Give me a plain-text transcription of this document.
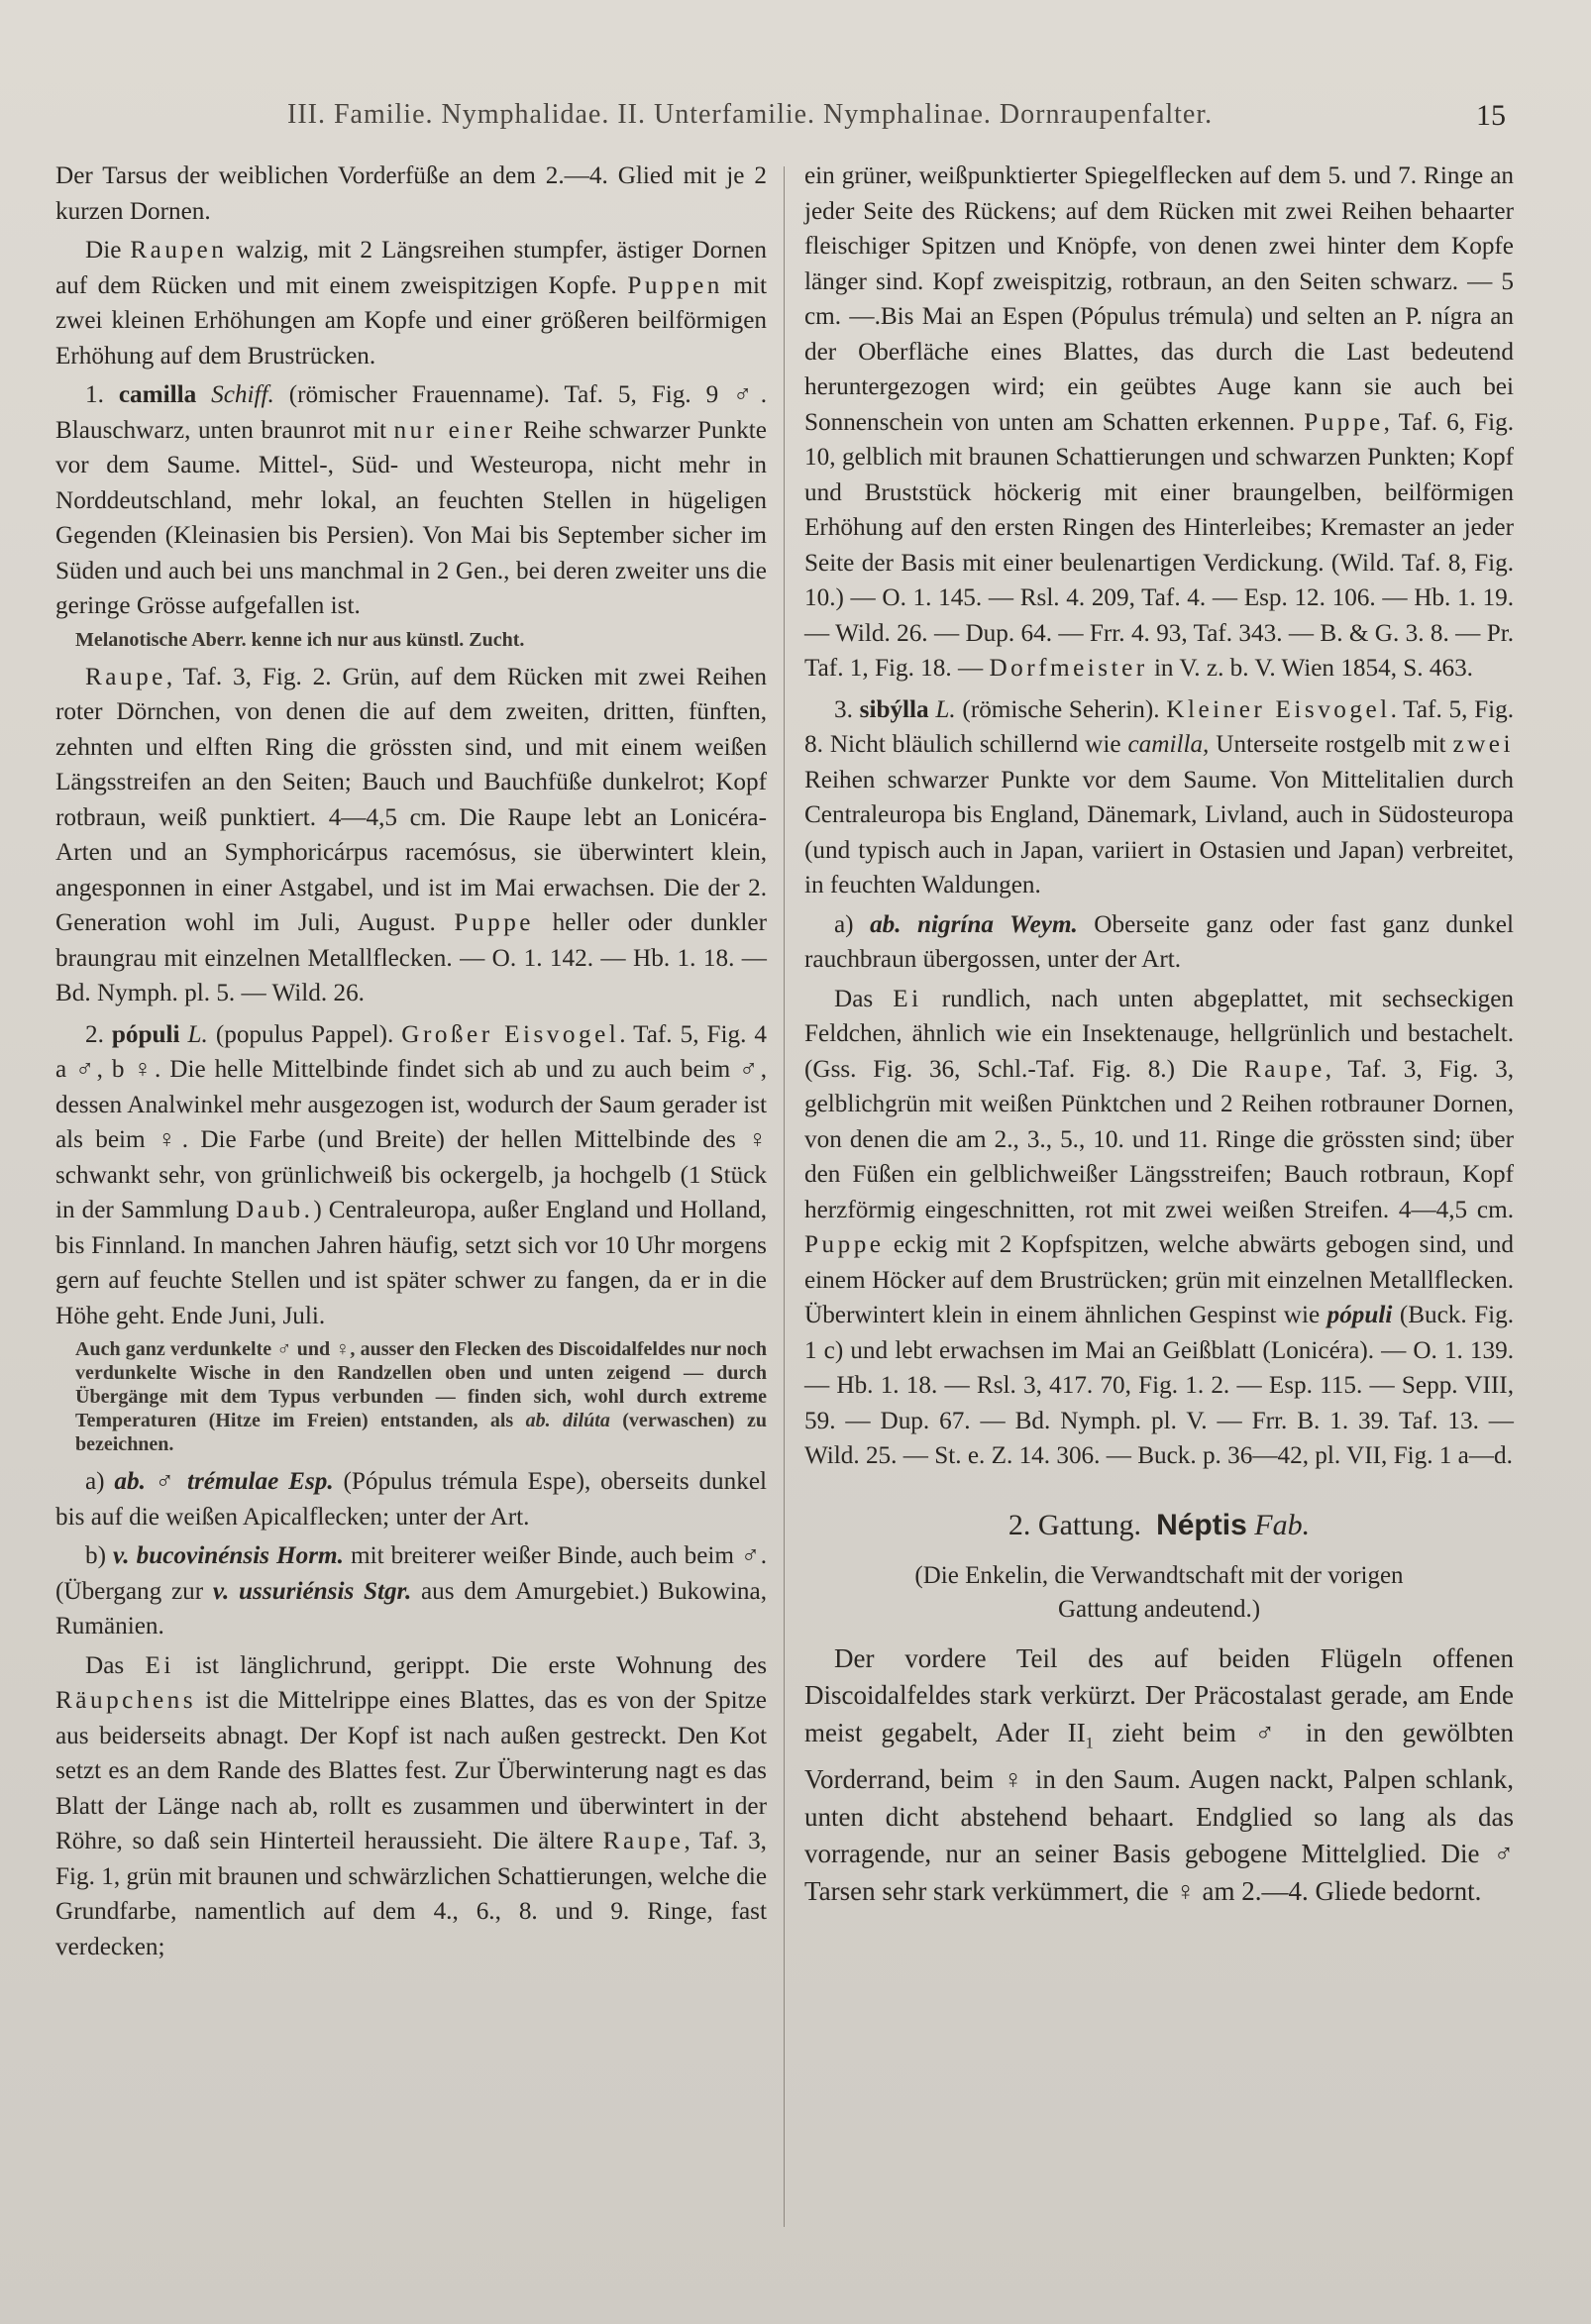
III. Familie. Nymphalidae. II. Unterfamilie. Nymphalinae. Dornraupenfalter.	15

Der Tarsus der weiblichen Vorderfüße an dem 2.—4. Glied mit je 2 kurzen Dornen.

Die Raupen walzig, mit 2 Längsreihen stumpfer, ästiger Dornen auf dem Rücken und mit einem zweispitzigen Kopfe. Puppen mit zwei kleinen Erhöhungen am Kopfe und einer größeren beilförmigen Erhöhung auf dem Brustrücken.

1. camilla Schiff. (römischer Frauenname). Taf. 5, Fig. 9 ♂. Blauschwarz, unten braunrot mit nur einer Reihe schwarzer Punkte vor dem Saume. Mittel-, Süd- und Westeuropa, nicht mehr in Norddeutschland, mehr lokal, an feuchten Stellen in hügeligen Gegenden (Kleinasien bis Persien). Von Mai bis September sicher im Süden und auch bei uns manchmal in 2 Gen., bei deren zweiter uns die geringe Grösse aufgefallen ist.

Melanotische Aberr. kenne ich nur aus künstl. Zucht.

Raupe, Taf. 3, Fig. 2. Grün, auf dem Rücken mit zwei Reihen roter Dörnchen, von denen die auf dem zweiten, dritten, fünften, zehnten und elften Ring die grössten sind, und mit einem weißen Längsstreifen an den Seiten; Bauch und Bauchfüße dunkelrot; Kopf rotbraun, weiß punktiert. 4—4,5 cm. Die Raupe lebt an Lonicéra-Arten und an Symphoricárpus racemósus, sie überwintert klein, angesponnen in einer Astgabel, und ist im Mai erwachsen. Die der 2. Generation wohl im Juli, August. Puppe heller oder dunkler braungrau mit einzelnen Metallflecken. — O. 1. 142. — Hb. 1. 18. — Bd. Nymph. pl. 5. — Wild. 26.

2. pópuli L. (populus Pappel). Großer Eisvogel. Taf. 5, Fig. 4 a ♂, b ♀. Die helle Mittelbinde findet sich ab und zu auch beim ♂, dessen Analwinkel mehr ausgezogen ist, wodurch der Saum gerader ist als beim ♀. Die Farbe (und Breite) der hellen Mittelbinde des ♀ schwankt sehr, von grünlichweiß bis ockergelb, ja hochgelb (1 Stück in der Sammlung Daub.) Centraleuropa, außer England und Holland, bis Finnland. In manchen Jahren häufig, setzt sich vor 10 Uhr morgens gern auf feuchte Stellen und ist später schwer zu fangen, da er in die Höhe geht. Ende Juni, Juli.

Auch ganz verdunkelte ♂ und ♀, ausser den Flecken des Discoidalfeldes nur noch verdunkelte Wische in den Randzellen oben und unten zeigend — durch Übergänge mit dem Typus verbunden — finden sich, wohl durch extreme Temperaturen (Hitze im Freien) entstanden, als ab. dilúta (verwaschen) zu bezeichnen.

a) ab. ♂ trémulae Esp. (Pópulus trémula Espe), oberseits dunkel bis auf die weißen Apicalflecken; unter der Art.

b) v. bucovinénsis Horm. mit breiterer weißer Binde, auch beim ♂. (Übergang zur v. ussuriénsis Stgr. aus dem Amurgebiet.) Bukowina, Rumänien.

Das Ei ist länglichrund, gerippt. Die erste Wohnung des Räupchens ist die Mittelrippe eines Blattes, das es von der Spitze aus beiderseits abnagt. Der Kopf ist nach außen gestreckt. Den Kot setzt es an dem Rande des Blattes fest. Zur Überwinterung nagt es das Blatt der Länge nach ab, rollt es zusammen und überwintert in der Röhre, so daß sein Hinterteil heraussieht. Die ältere Raupe, Taf. 3, Fig. 1, grün mit braunen und schwärzlichen Schattierungen, welche die Grundfarbe, namentlich auf dem 4., 6., 8. und 9. Ringe, fast verdecken;

ein grüner, weißpunktierter Spiegelflecken auf dem 5. und 7. Ringe an jeder Seite des Rückens; auf dem Rücken mit zwei Reihen behaarter fleischiger Spitzen und Knöpfe, von denen zwei hinter dem Kopfe länger sind. Kopf zweispitzig, rotbraun, an den Seiten schwarz. — 5 cm. —.Bis Mai an Espen (Pópulus trémula) und selten an P. nígra an der Oberfläche eines Blattes, das durch die Last bedeutend heruntergezogen wird; ein geübtes Auge kann sie auch bei Sonnenschein von unten am Schatten erkennen. Puppe, Taf. 6, Fig. 10, gelblich mit braunen Schattierungen und schwarzen Punkten; Kopf und Bruststück höckerig mit einer braungelben, beilförmigen Erhöhung auf den ersten Ringen des Hinterleibes; Kremaster an jeder Seite der Basis mit einer beulenartigen Verdickung. (Wild. Taf. 8, Fig. 10.) — O. 1. 145. — Rsl. 4. 209, Taf. 4. — Esp. 12. 106. — Hb. 1. 19. — Wild. 26. — Dup. 64. — Frr. 4. 93, Taf. 343. — B. & G. 3. 8. — Pr. Taf. 1, Fig. 18. — Dorfmeister in V. z. b. V. Wien 1854, S. 463.

3. sibýlla L. (römische Seherin). Kleiner Eisvogel. Taf. 5, Fig. 8. Nicht bläulich schillernd wie camilla, Unterseite rostgelb mit zwei Reihen schwarzer Punkte vor dem Saume. Von Mittelitalien durch Centraleuropa bis England, Dänemark, Livland, auch in Südosteuropa (und typisch auch in Japan, variiert in Ostasien und Japan) verbreitet, in feuchten Waldungen.

a) ab. nigrína Weym. Oberseite ganz oder fast ganz dunkel rauchbraun übergossen, unter der Art.

Das Ei rundlich, nach unten abgeplattet, mit sechseckigen Feldchen, ähnlich wie ein Insektenauge, hellgrünlich und bestachelt. (Gss. Fig. 36, Schl.-Taf. Fig. 8.) Die Raupe, Taf. 3, Fig. 3, gelblichgrün mit weißen Pünktchen und 2 Reihen rotbrauner Dornen, von denen die am 2., 3., 5., 10. und 11. Ringe die grössten sind; über den Füßen ein gelblichweißer Längsstreifen; Bauch rotbraun, Kopf herzförmig eingeschnitten, rot mit zwei weißen Streifen. 4—4,5 cm. Puppe eckig mit 2 Kopfspitzen, welche abwärts gebogen sind, und einem Höcker auf dem Brustrücken; grün mit einzelnen Metallflecken. Überwintert klein in einem ähnlichen Gespinst wie pópuli (Buck. Fig. 1 c) und lebt erwachsen im Mai an Geißblatt (Lonicéra). — O. 1. 139. — Hb. 1. 18. — Rsl. 3, 417. 70, Fig. 1. 2. — Esp. 115. — Sepp. VIII, 59. — Dup. 67. — Bd. Nymph. pl. V. — Frr. B. 1. 39. Taf. 13. — Wild. 25. — St. e. Z. 14. 306. — Buck. p. 36—42, pl. VII, Fig. 1 a—d.

2. Gattung. Néptis Fab.

(Die Enkelin, die Verwandtschaft mit der vorigen Gattung andeutend.)

Der vordere Teil des auf beiden Flügeln offenen Discoidalfeldes stark verkürzt. Der Präcostalast gerade, am Ende meist gegabelt, Ader $II_1$ zieht beim ♂ in den gewölbten Vorderrand, beim ♀ in den Saum. Augen nackt, Palpen schlank, unten dicht abstehend behaart. Endglied so lang als das vorragende, nur an seiner Basis gebogene Mittelglied. Die ♂ Tarsen sehr stark verkümmert, die ♀ am 2.—4. Gliede bedornt.
